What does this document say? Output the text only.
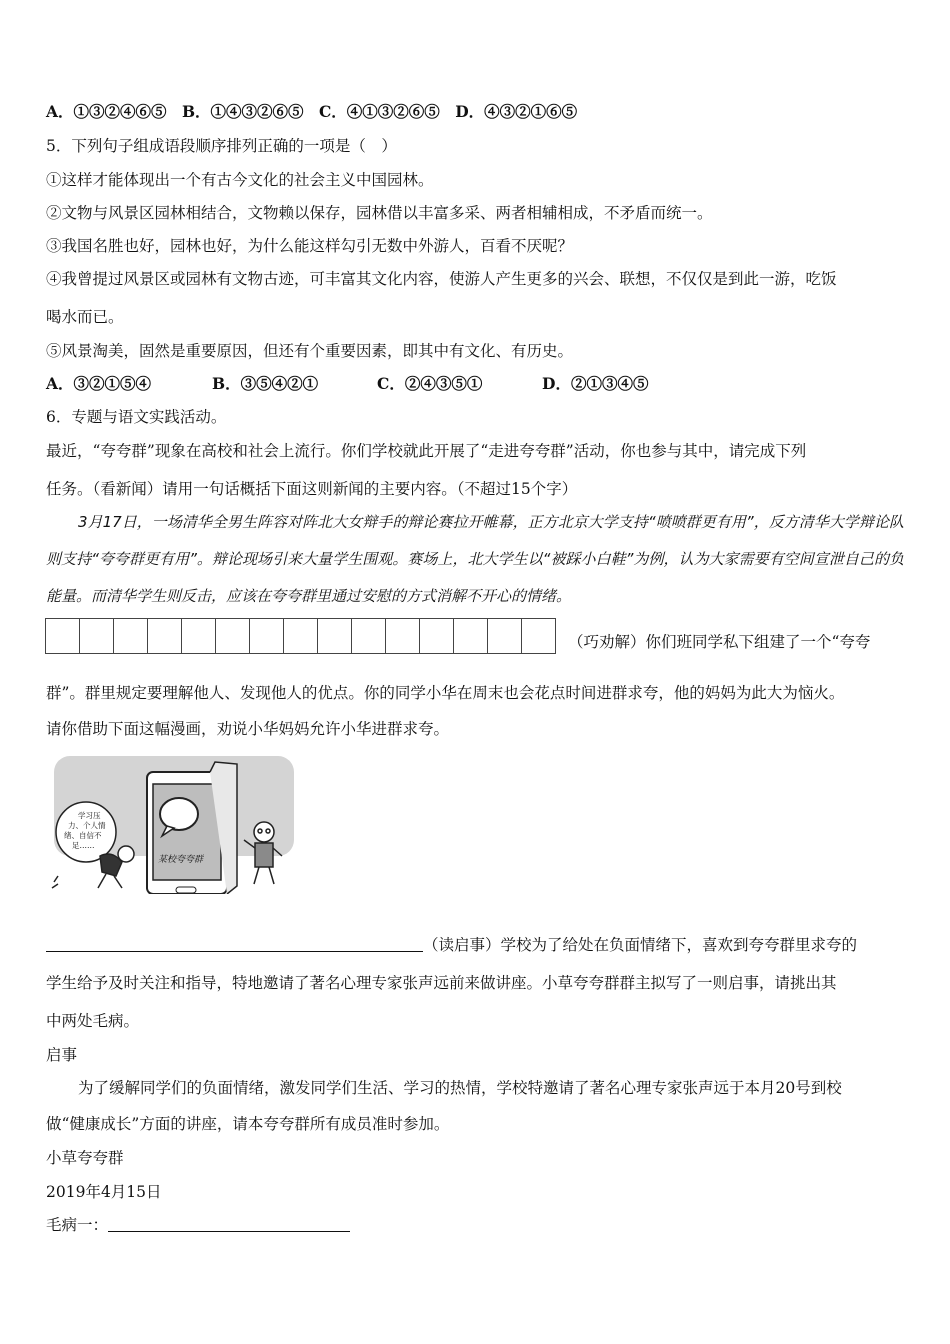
A．①③②④⑥⑤ B．①④③②⑥⑤ C．④①③②⑥⑤ D．④③②①⑥⑤
5．下列句子组成语段顺序排列正确的一项是（　）
①这样才能体现出一个有古今文化的社会主义中国园林。
②文物与风景区园林相结合，文物赖以保存，园林借以丰富多采、两者相辅相成，不矛盾而统一。
③我国名胜也好，园林也好，为什么能这样勾引无数中外游人，百看不厌呢？
④我曾提过风景区或园林有文物古迹，可丰富其文化内容，使游人产生更多的兴会、联想，不仅仅是到此一游，吃饭
喝水而已。
⑤风景淘美，固然是重要原因，但还有个重要因素，即其中有文化、有历史。
A．③②①⑤④	B．③⑤④②①	C．②④③⑤①	D．②①③④⑤
6．专题与语文实践活动。
最近，“夸夸群”现象在高校和社会上流行。你们学校就此开展了“走进夸夸群”活动，你也参与其中，请完成下列
任务。（看新闻）请用一句话概括下面这则新闻的主要内容。（不超过15个字）

3月17日，一场清华全男生阵容对阵北大女辩手的辩论赛拉开帷幕，正方北京大学支持“喷喷群更有用”，反方清华大学辩论队则支持“夸夸群更有用”。辩论现场引来大量学生围观。赛场上，北大学生以“被踩小白鞋”为例，认为大家需要有空间宣泄自己的负能量。而清华学生则反击，应该在夸夸群里通过安慰的方式消解不开心的情绪。

（巧劝解）你们班同学私下组建了一个“夸夸
群”。群里规定要理解他人、发现他人的优点。你的同学小华在周末也会花点时间进群求夸，他的妈妈为此大为恼火。
请你借助下面这幅漫画，劝说小华妈妈允许小华进群求夸。
某校夸夸群
学习压 力、个人情 绪、自信不 足……
（读启事）学校为了给处在负面情绪下，喜欢到夸夸群里求夸的
学生给予及时关注和指导，特地邀请了著名心理专家张声远前来做讲座。小草夸夸群群主拟写了一则启事，请挑出其
中两处毛病。
启事
为了缓解同学们的负面情绪，激发同学们生活、学习的热情，学校特邀请了著名心理专家张声远于本月20号到校
做“健康成长”方面的讲座，请本夸夸群所有成员准时参加。
小草夸夸群
2019年4月15日
毛病一：
